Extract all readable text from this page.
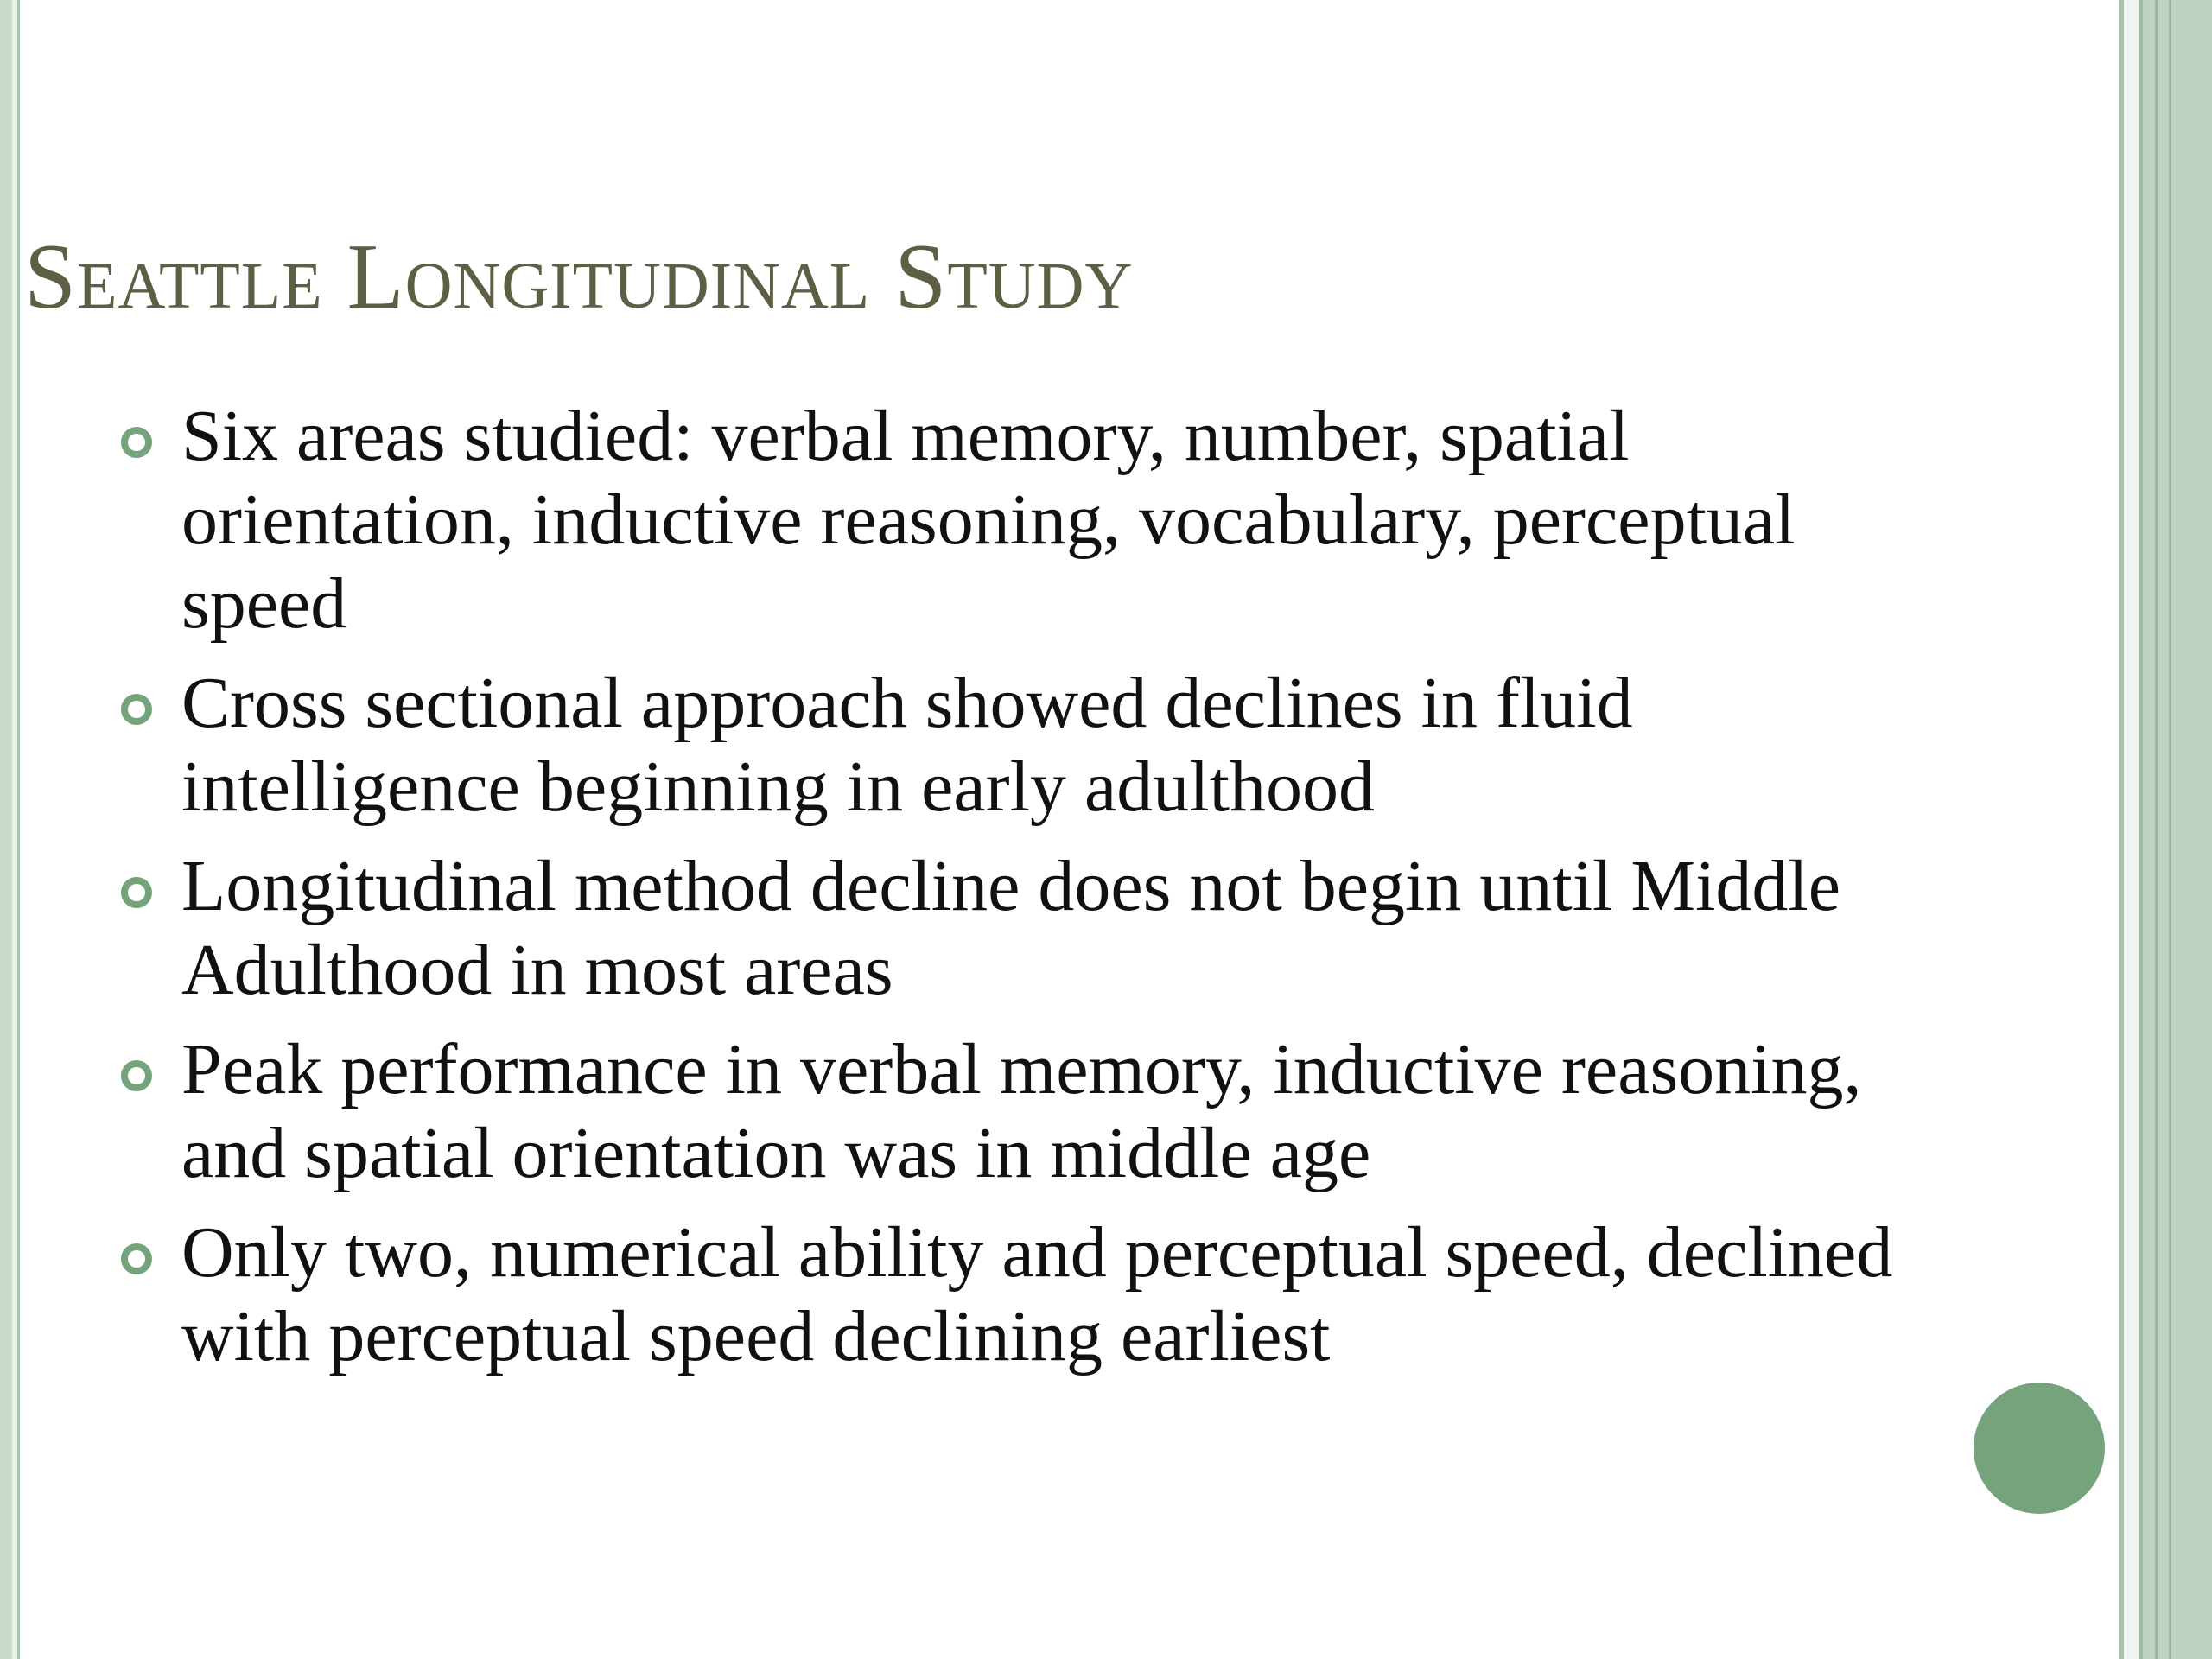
Seattle Longitudinal Study
Six areas studied: verbal memory, number, spatial orientation, inductive reasoning, vocabulary, perceptual speed
Cross sectional approach showed declines in fluid intelligence beginning in early adulthood
Longitudinal method decline does not begin until Middle Adulthood in most areas
Peak performance in verbal memory, inductive reasoning, and spatial orientation was in middle age
Only two, numerical ability and perceptual speed, declined with perceptual speed declining earliest
